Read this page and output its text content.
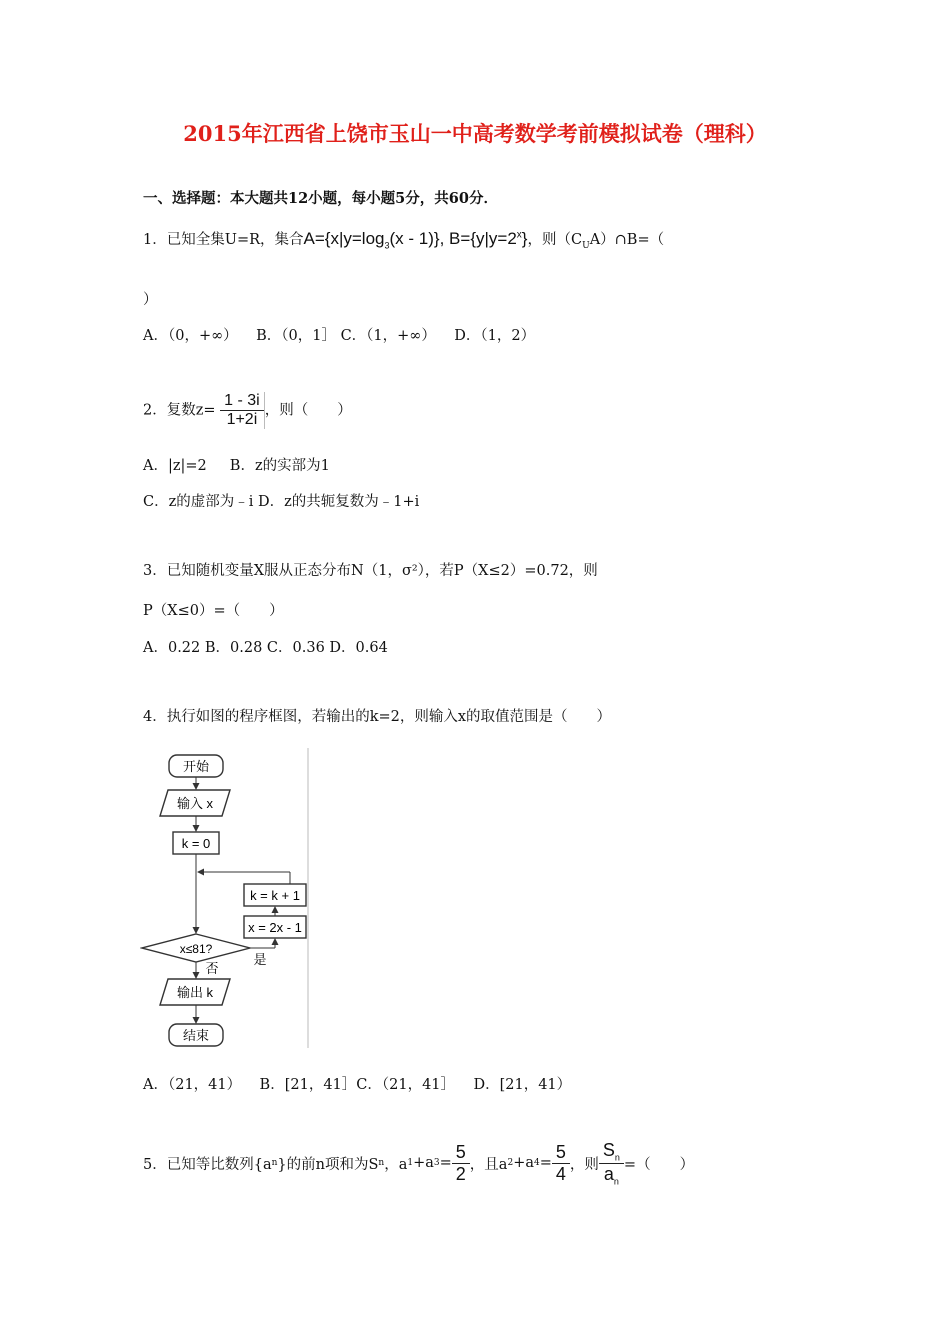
2015年江西省上饶市玉山一中高考数学考前模拟试卷（理科）
一、选择题：本大题共12小题，每小题5分，共60分．
1．已知全集U=R，集合$A=\{x|y=\log_3(x - 1)\}$, $B=\{y|y=2^x\}$，则$(C_UA)\cap B=$（
）
A．（0，+∞）    B．（0，1］ C．（1，+∞）    D．（1，2）
2．复数$z= \frac{1 - 3i}{1+2i}$ ，则（　　）
A．|z|=2     B．z的实部为1
C．z的虚部为﹣i D．z的共轭复数为﹣1+i
3．已知随机变量X服从正态分布N（1，σ²），若P（X≤2）=0.72，则
P（X≤0）=（　　）
A．0.22 B．0.28 C．0.36 D．0.64
4．执行如图的程序框图，若输出的k=2，则输入x的取值范围是（　　）
开始
输入 x
k = 0
k = k + 1
x = 2x - 1
x≤81?
是
否
输出 k
结束
A．（21，41）    B．[21，41］C．（21，41］    D．[21，41）
5．已知等比数列{a n }的前n项和为S n ，a 1 +a $3 = \frac{5}{2}$ ，且a 2 +a $4 = \frac{5}{4}$ ，则 $\frac{S_n}{a_n}$ =（　　）
